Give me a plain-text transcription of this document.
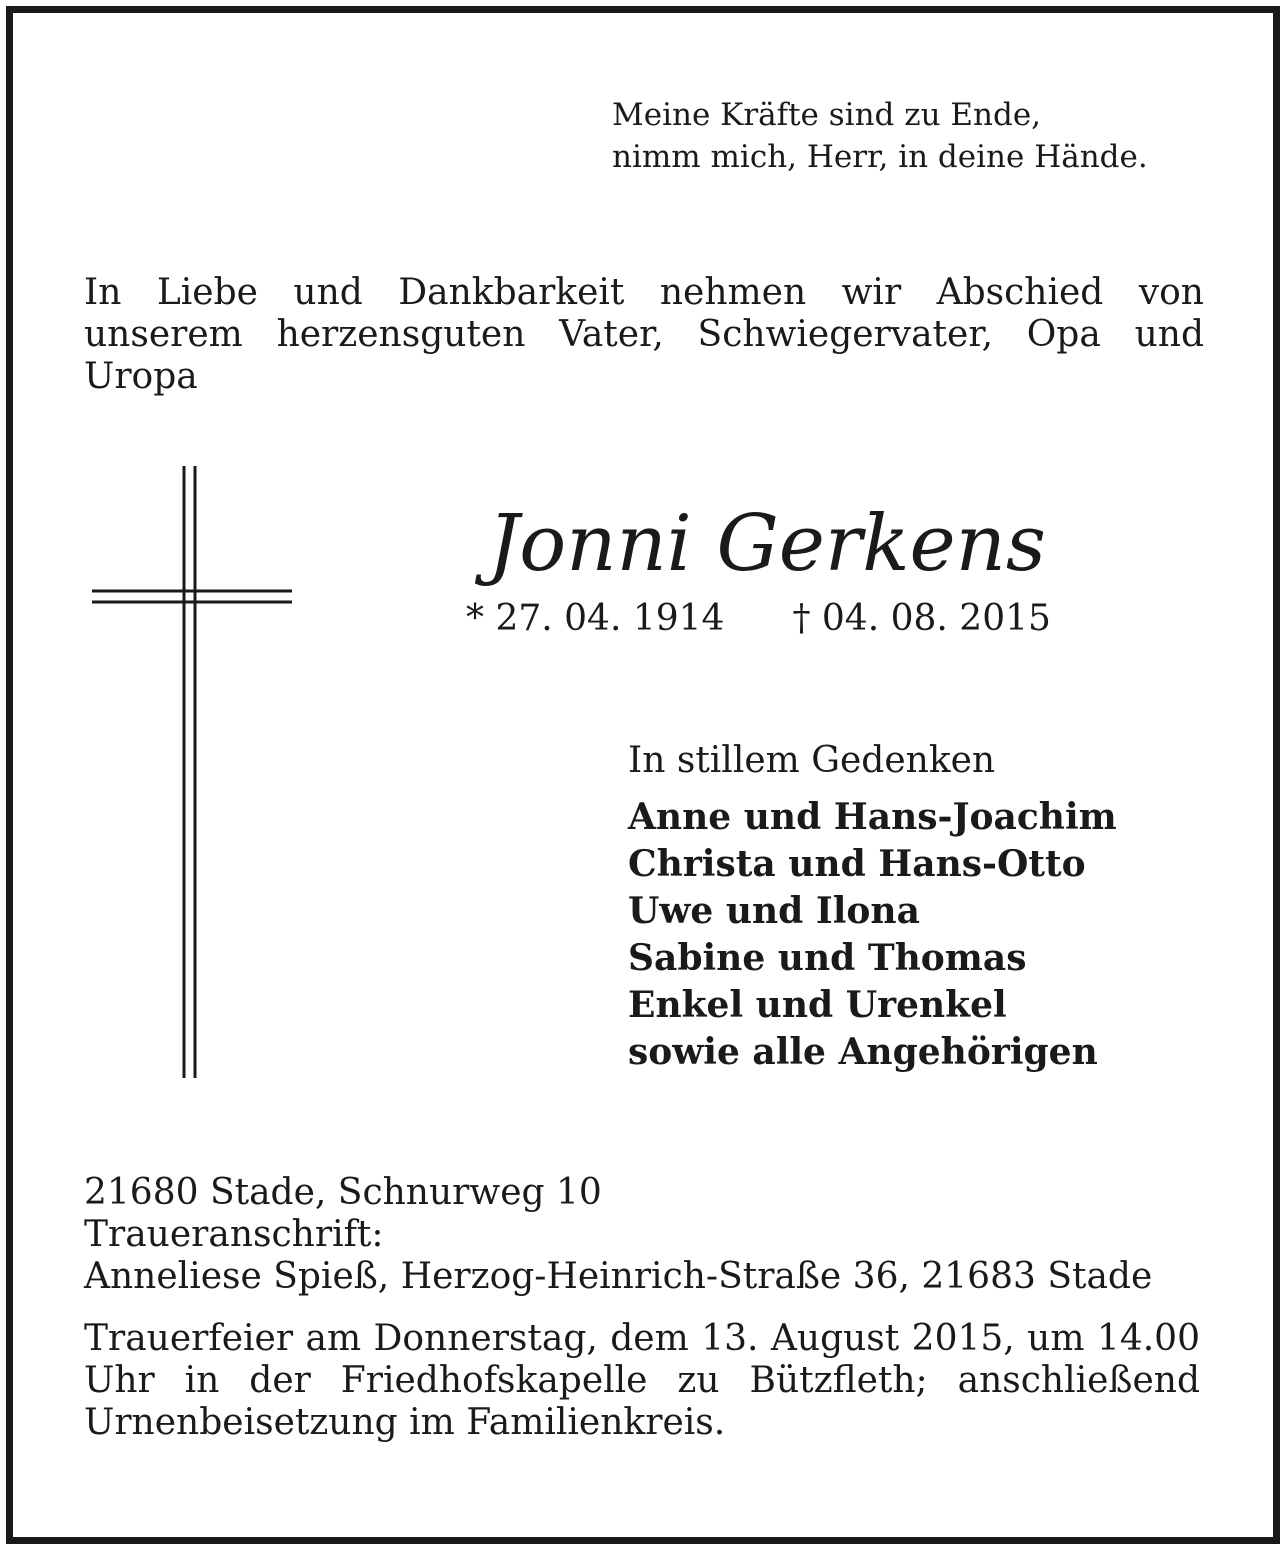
Meine Kräfte sind zu Ende,
nimm mich, Herr, in deine Hände.

In Liebe und Dankbarkeit nehmen wir Abschied von unserem herzensguten Vater, Schwiegervater, Opa und Uropa

Jonni Gerkens
* 27. 04. 1914 † 04. 08. 2015
In stillem Gedenken
Anne und Hans-Joachim
Christa und Hans-Otto
Uwe und Ilona
Sabine und Thomas
Enkel und Urenkel
sowie alle Angehörigen
21680 Stade, Schnurweg 10
Traueranschrift:
Anneliese Spieß, Herzog-Heinrich-Straße 36, 21683 Stade

Trauerfeier am Donnerstag, dem 13. August 2015, um 14.00 Uhr in der Friedhofskapelle zu Bützfleth; anschließend Urnenbeisetzung im Familienkreis.
